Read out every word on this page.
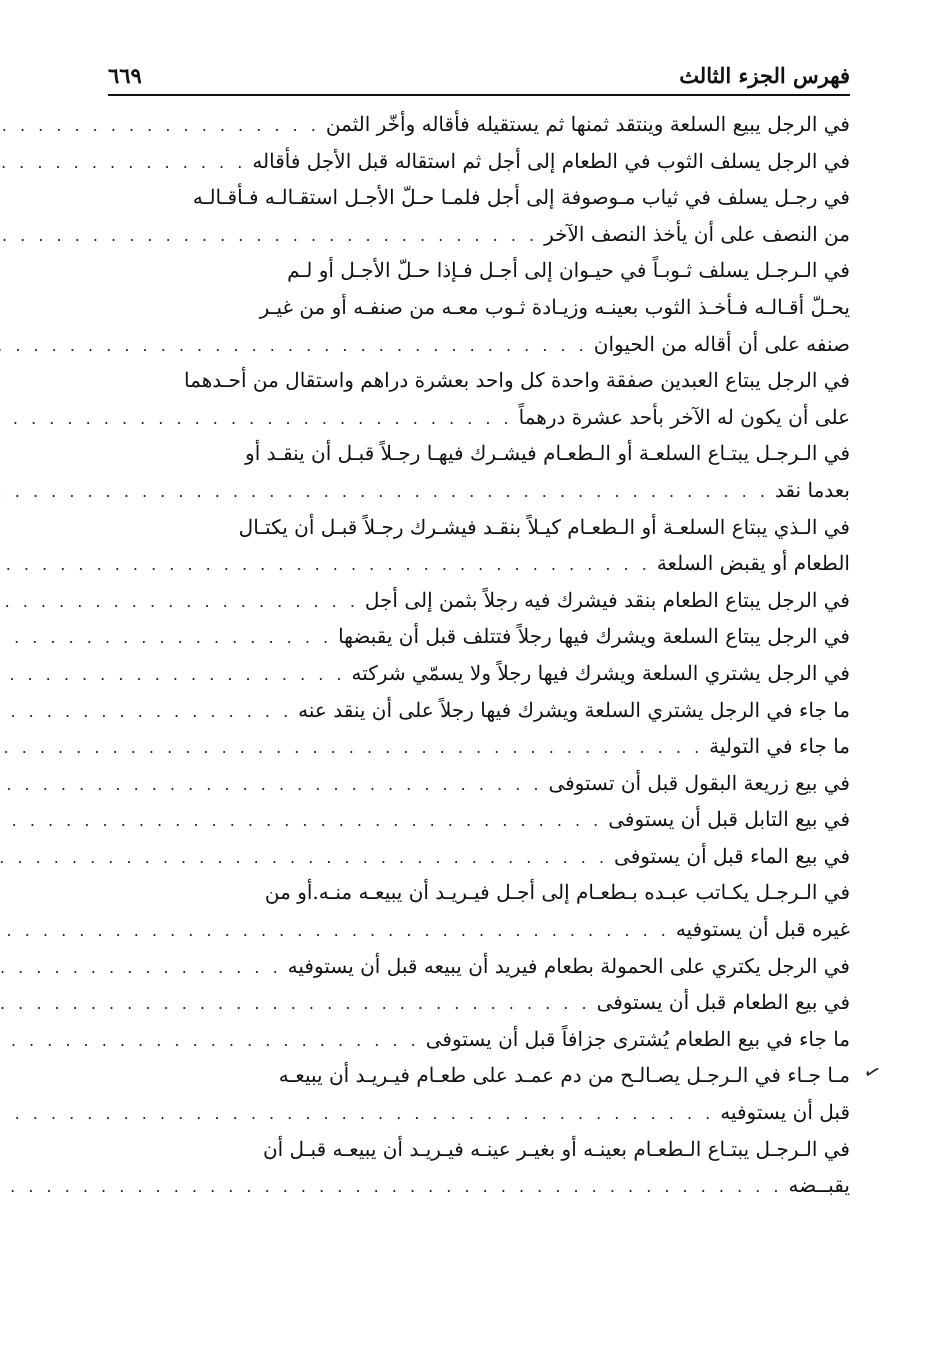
فهرس الجزء الثالث
٦٦٩
في الرجل يبيع السلعة وينتقد ثمنها ثم يستقيله فأقاله وأخّر الثمن
. . .
في الرجل يسلف الثوب في الطعام إلى أجل ثم استقاله قبل الأجل فأقاله
. . .
في رجـل يسلف في ثياب مـوصوفة إلى أجل فلمـا حـلّ الأجـل استقـالـه فـأقـالـه
من النصف على أن يأخذ النصف الآخر
. . .
في الـرجـل يسلف ثـوبـاً في حيـوان إلى أجـل فـإذا حـلّ الأجـل أو لـم
يحـلّ أقـالـه فـأخـذ الثوب بعينـه وزيـادة ثـوب معـه من صنفـه أو من غيـر
صنفه على أن أقاله من الحيوان
. . .
في الرجل يبتاع العبدين صفقة واحدة كل واحد بعشرة دراهم واستقال من أحـدهما
على أن يكون له الآخر بأحد عشرة درهماً
. . .
في الـرجـل يبتـاع السلعـة أو الـطعـام فيشـرك فيهـا رجـلاً قبـل أن ينقـد أو
بعدما نقد
. . .
في الـذي يبتاع السلعـة أو الـطعـام كيـلاً بنقـد فيشـرك رجـلاً قبـل أن يكتـال
الطعام أو يقبض السلعة
. . .
في الرجل يبتاع الطعام بنقد فيشرك فيه رجلاً بثمن إلى أجل
. . .
في الرجل يبتاع السلعة ويشرك فيها رجلاً فتتلف قبل أن يقبضها
. . .
في الرجل يشتري السلعة ويشرك فيها رجلاً ولا يسمّي شركته
. . .
ما جاء في الرجل يشتري السلعة ويشرك فيها رجلاً على أن ينقد عنه
. . .
ما جاء في التولية
. . .
في بيع زريعة البقول قبل أن تستوفى
. . .
في بيع التابل قبل أن يستوفى
. . .
في بيع الماء قبل أن يستوفى
. . .
في الـرجـل يكـاتب عبـده بـطعـام إلى أجـل فيـريـد أن يبيعـه منـه.أو من
غيره قبل أن يستوفيه
. . .
في الرجل يكتري على الحمولة بطعام فيريد أن يبيعه قبل أن يستوفيه
. . .
في بيع الطعام قبل أن يستوفى
. . .
ما جاء في بيع الطعام يُشترى جزافاً قبل أن يستوفى
. . .
مـا جـاء في الـرجـل يصـالـح من دم عمـد على طعـام فيـريـد أن يبيعـه
قبل أن يستوفيه
. . .
في الـرجـل يبتـاع الـطعـام بعينـه أو بغيـر عينـه فيـريـد أن يبيعـه قبـل أن
يقبــضه
. . .
✓
